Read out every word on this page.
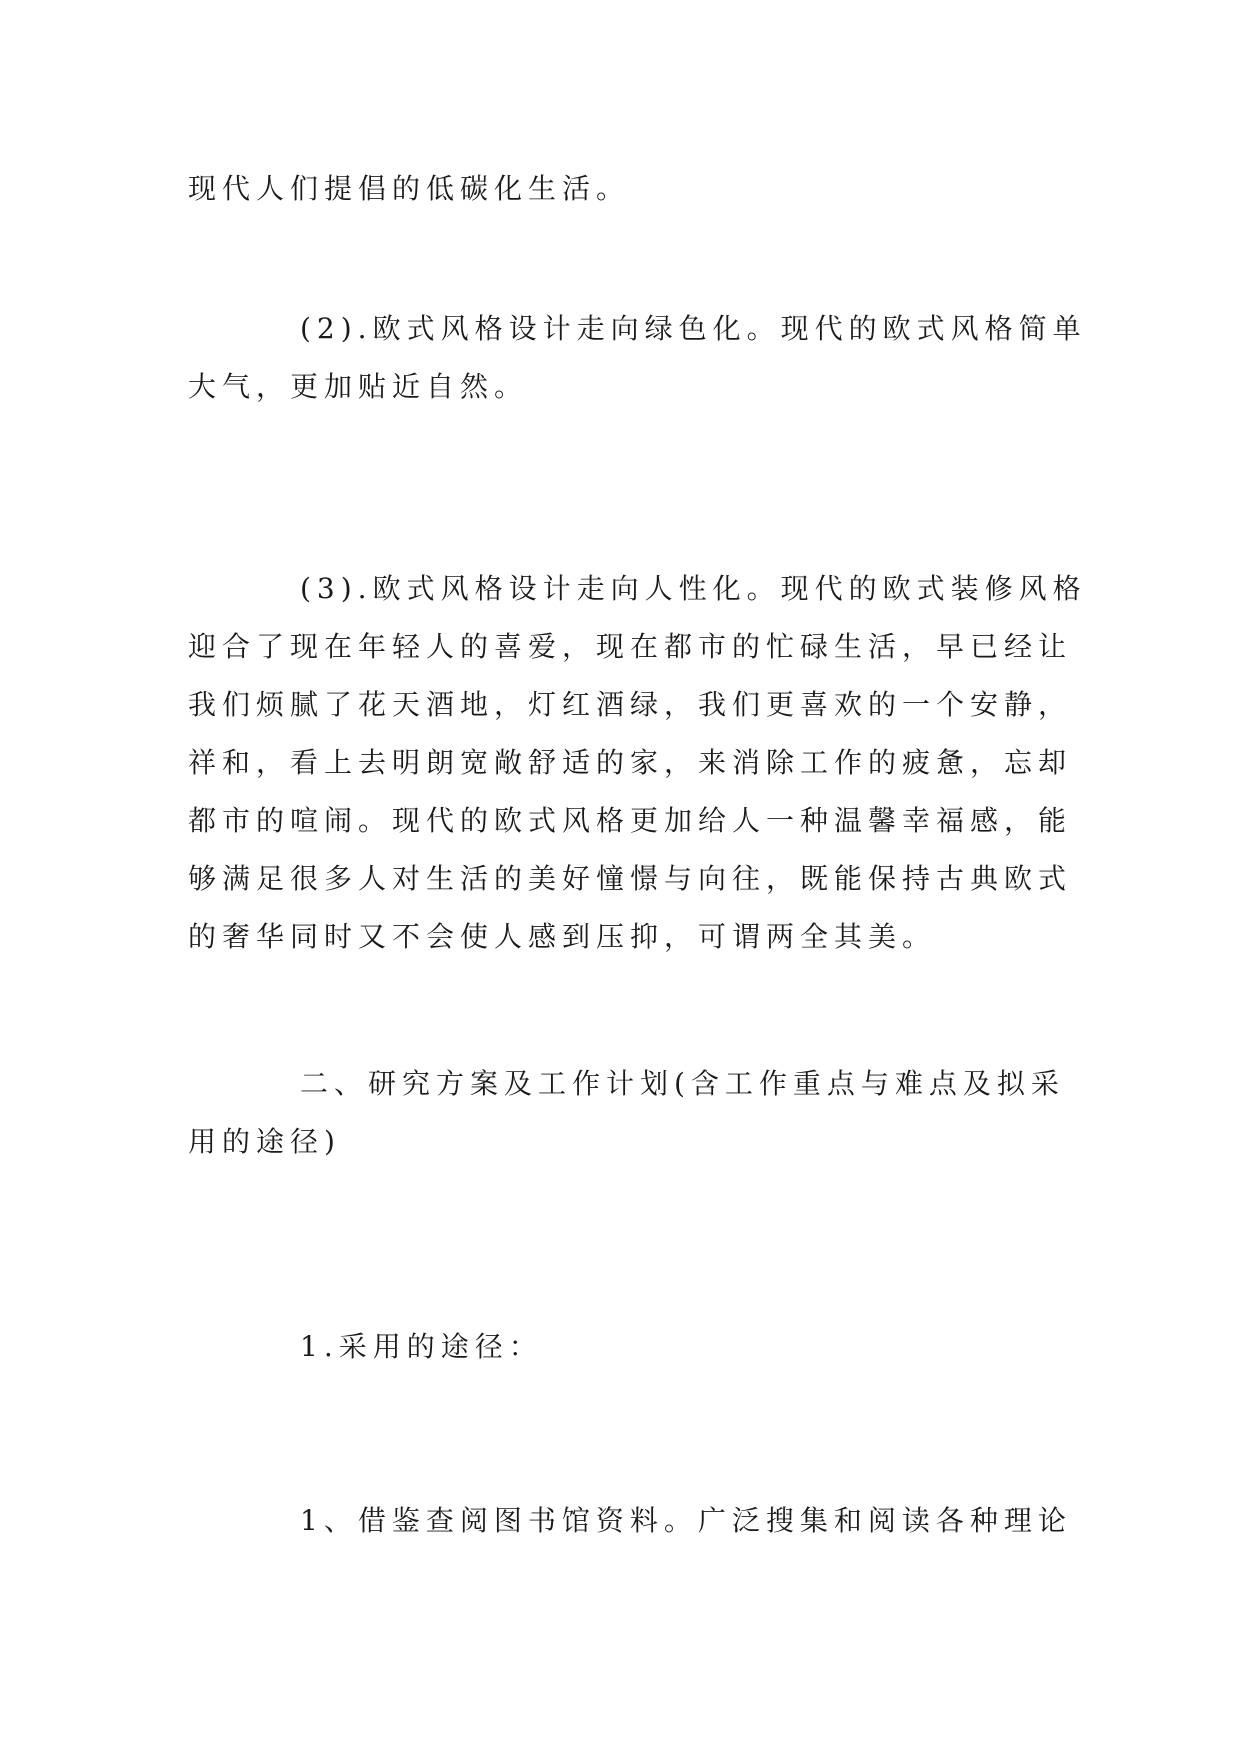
现代人们提倡的低碳化生活。

(2).欧式风格设计走向绿色化。现代的欧式风格简单
大气，更加贴近自然。

(3).欧式风格设计走向人性化。现代的欧式装修风格
迎合了现在年轻人的喜爱，现在都市的忙碌生活，早已经让
我们烦腻了花天酒地，灯红酒绿，我们更喜欢的一个安静，
祥和，看上去明朗宽敞舒适的家，来消除工作的疲惫，忘却
都市的喧闹。现代的欧式风格更加给人一种温馨幸福感，能
够满足很多人对生活的美好憧憬与向往，既能保持古典欧式
的奢华同时又不会使人感到压抑，可谓两全其美。

二、研究方案及工作计划(含工作重点与难点及拟采
用的途径)

1.采用的途径：

1、借鉴查阅图书馆资料。广泛搜集和阅读各种理论
